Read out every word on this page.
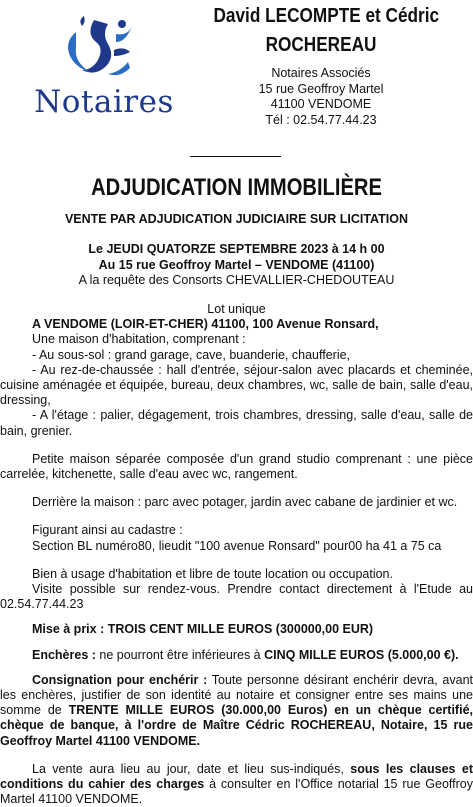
Notaires
David LECOMPTE et Cédric
ROCHEREAU
Notaires Associés
15 rue Geoffroy Martel
41100 VENDOME
Tél : 02.54.77.44.23
ADJUDICATION IMMOBILIÈRE
VENTE PAR ADJUDICATION JUDICIAIRE SUR LICITATION
Le JEUDI QUATORZE SEPTEMBRE 2023 à 14 h 00
Au 15 rue Geoffroy Martel – VENDOME (41100)
A la requête des Consorts CHEVALLIER-CHEDOUTEAU

Lot unique

A VENDOME (LOIR-ET-CHER) 41100, 100 Avenue Ronsard,

Une maison d'habitation, comprenant :

- Au sous-sol : grand garage, cave, buanderie, chaufferie,

- Au rez-de-chaussée : hall d'entrée, séjour-salon avec placards et cheminée, cuisine aménagée et équipée, bureau, deux chambres, wc, salle de bain, salle d'eau, dressing,

- A l'étage : palier, dégagement, trois chambres, dressing, salle d'eau, salle de bain, grenier.

Petite maison séparée composée d'un grand studio comprenant : une pièce carrelée, kitchenette, salle d'eau avec wc, rangement.

Derrière la maison : parc avec potager, jardin avec cabane de jardinier et wc.

Figurant ainsi au cadastre :

Section BL numéro80, lieudit "100 avenue Ronsard" pour00 ha 41 a 75 ca

Bien à usage d'habitation et libre de toute location ou occupation.

Visite possible sur rendez-vous. Prendre contact directement à l'Etude au 02.54.77.44.23

Mise à prix : TROIS CENT MILLE EUROS (300000,00 EUR)

Enchères : ne pourront être inférieures à CINQ MILLE EUROS (5.000,00 €).

Consignation pour enchérir : Toute personne désirant enchérir devra, avant les enchères, justifier de son identité au notaire et consigner entre ses mains une somme de TRENTE MILLE EUROS (30.000,00 Euros) en un chèque certifié, chèque de banque, à l'ordre de Maître Cédric ROCHEREAU, Notaire, 15 rue Geoffroy Martel 41100 VENDOME.

La vente aura lieu au jour, date et lieu sus-indiqués, sous les clauses et conditions du cahier des charges à consulter en l'Office notarial 15 rue Geoffroy Martel 41100 VENDOME.
